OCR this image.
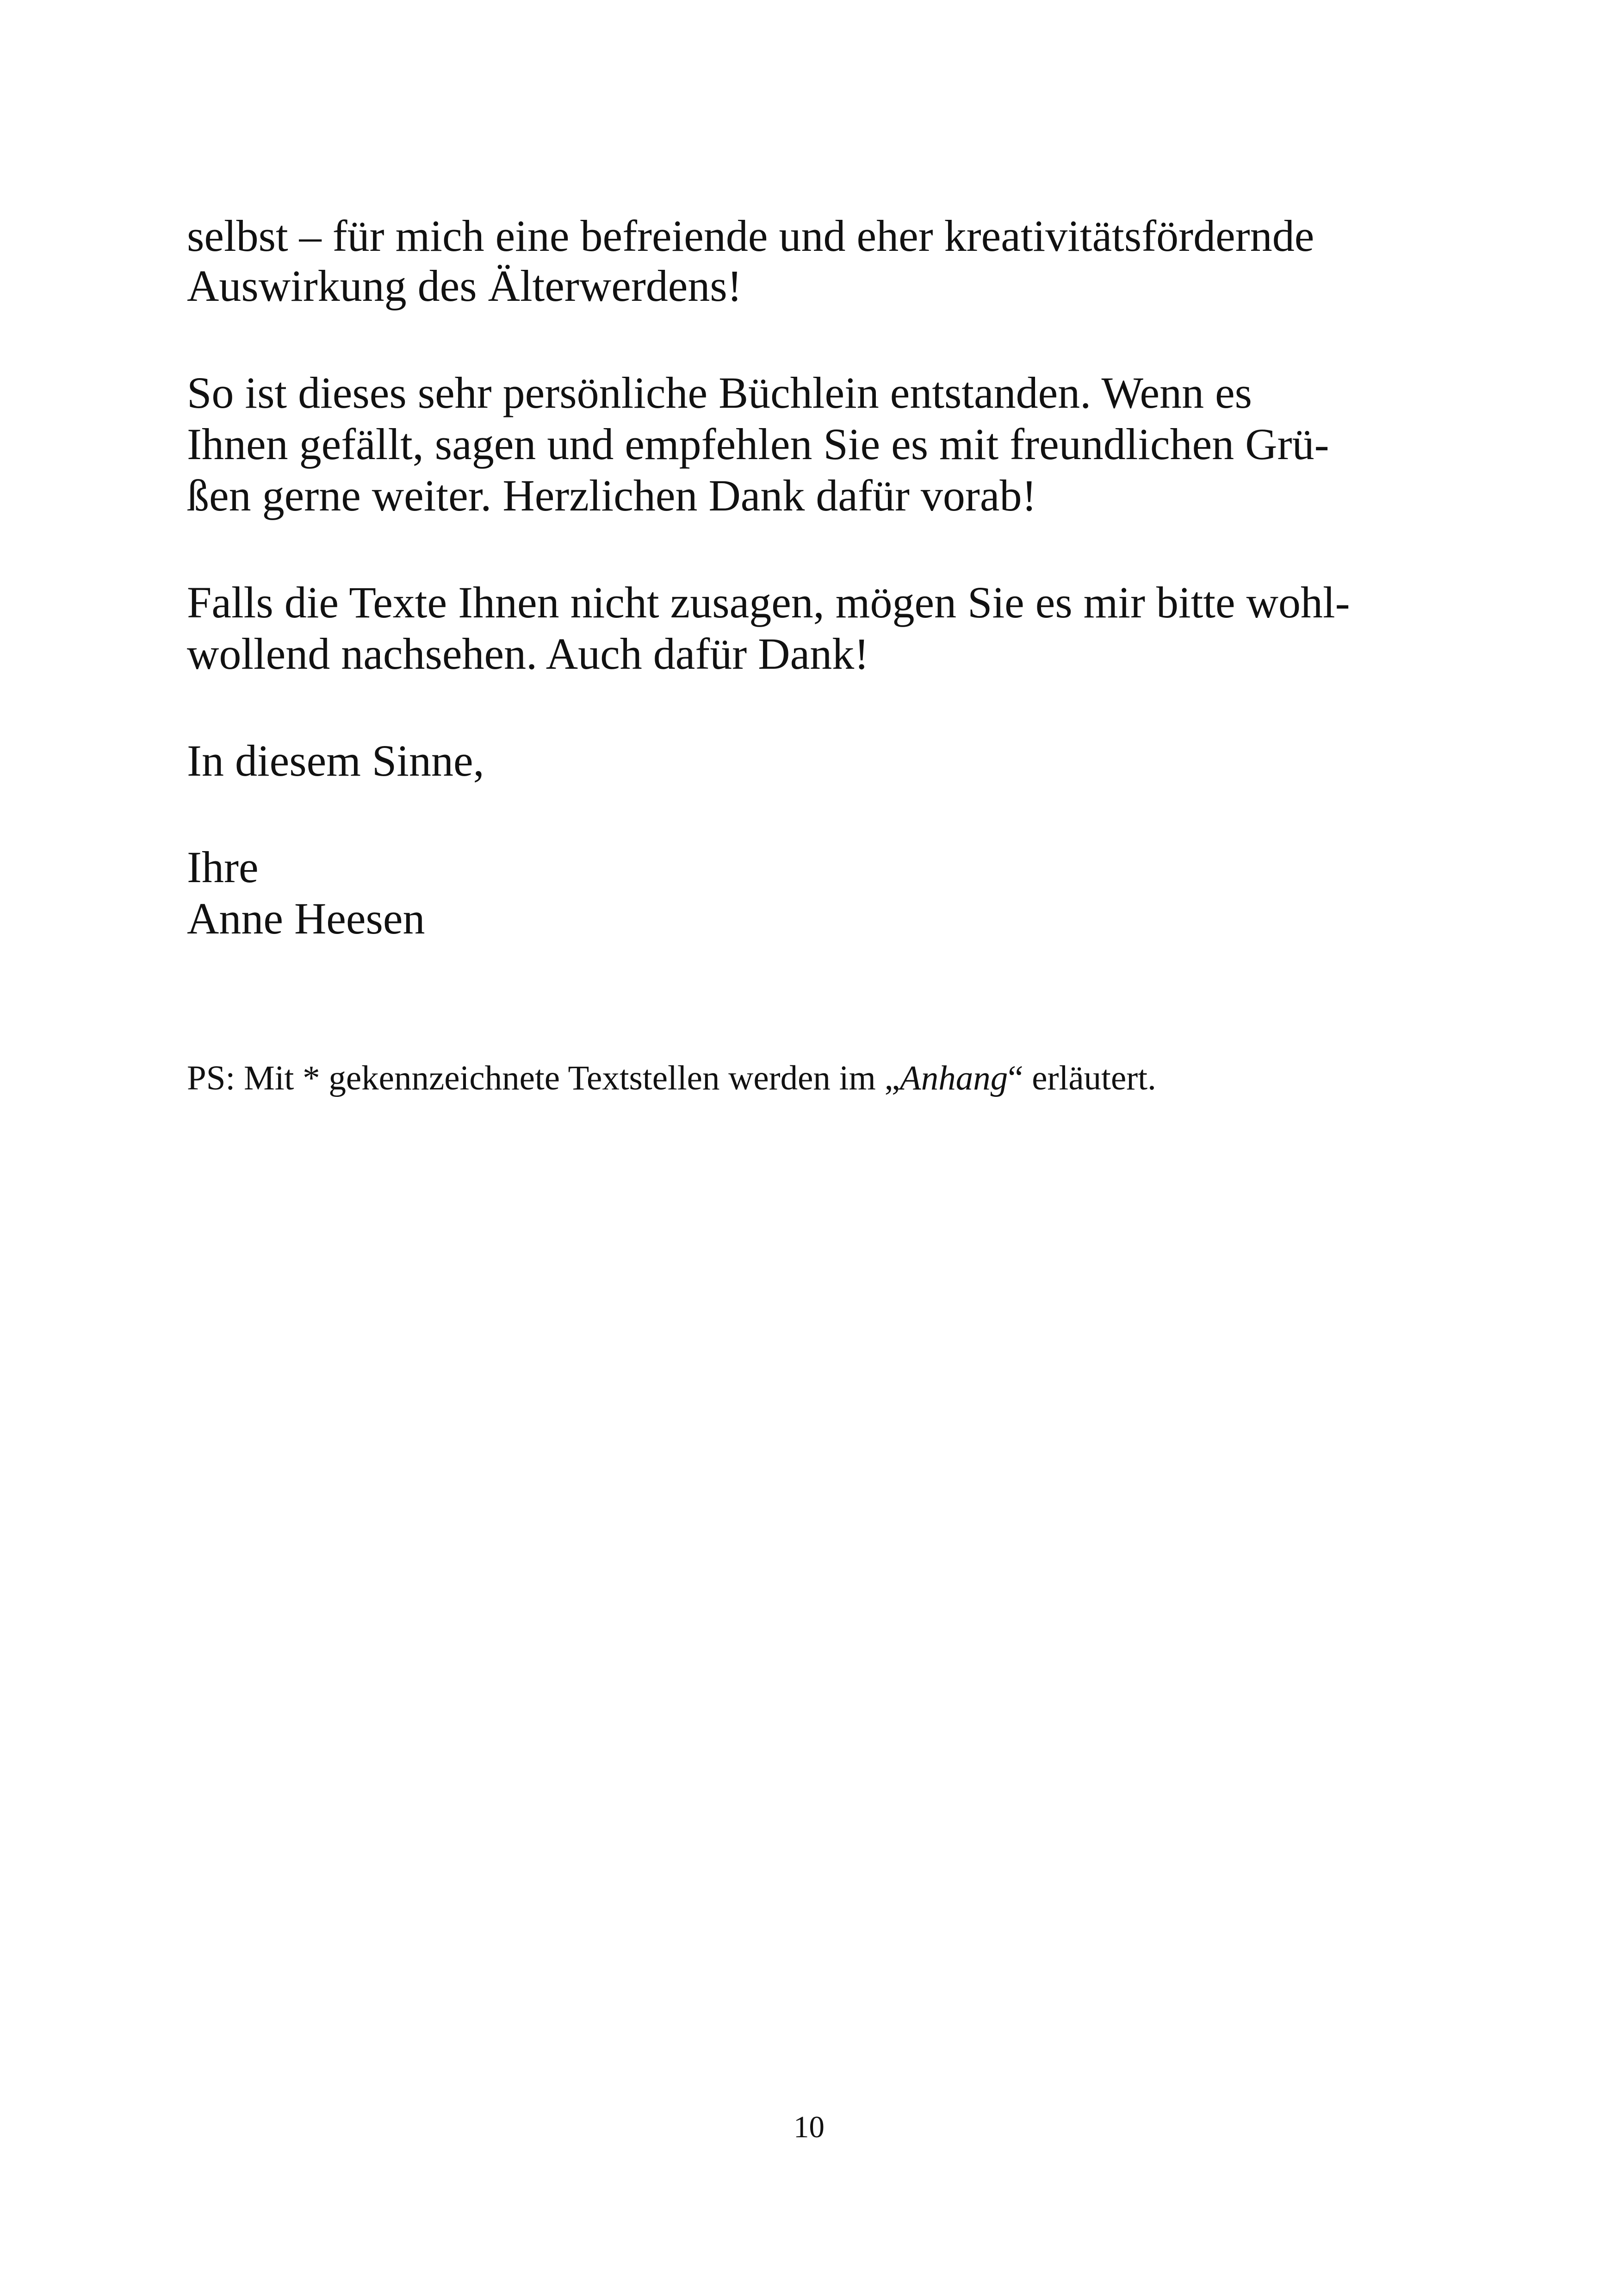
selbst – für mich eine befreiende und eher kreativitätsfördernde
Auswirkung des Älterwerdens!
So ist dieses sehr persönliche Büchlein entstanden. Wenn es
Ihnen gefällt, sagen und empfehlen Sie es mit freundlichen Grü-
ßen gerne weiter. Herzlichen Dank dafür vorab!
Falls die Texte Ihnen nicht zusagen, mögen Sie es mir bitte wohl-
wollend nachsehen. Auch dafür Dank!
In diesem Sinne,
Ihre
Anne Heesen
PS: Mit * gekennzeichnete Textstellen werden im „Anhang“ erläutert.
10
